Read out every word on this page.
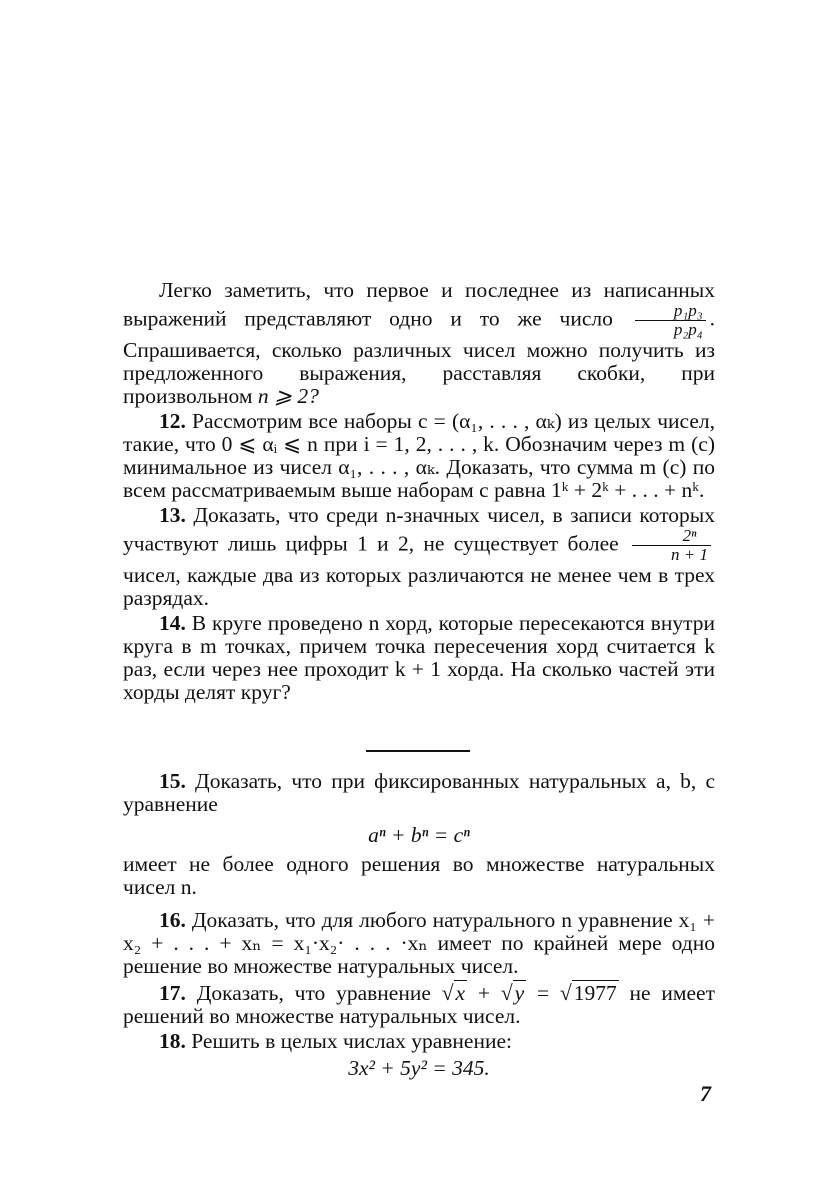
Легко заметить, что первое и последнее из написанных выражений представляют одно и то же число $\frac{\text{p₁p₃}}{\text{p₂p₄}}$ . Спрашивается, сколько различных чисел можно получить из предложенного выражения, расставляя скобки, при произвольном n ⩾ 2?

12. Рассмотрим все наборы c = (α₁, . . . , αₖ) из целых чисел, такие, что 0 ⩽ αᵢ ⩽ n при i = 1, 2, . . . , k. Обозначим через m (c) минимальное из чисел α₁, . . . , αₖ. Доказать, что сумма m (c) по всем рассматриваемым выше наборам c равна 1ᵏ + 2ᵏ + . . . + nᵏ.

13. Доказать, что среди n-значных чисел, в записи которых участвуют лишь цифры 1 и 2, не существует более $\frac{\text{2ⁿ}}{n + 1}$
чисел, каждые два из которых различаются не менее чем в трех разрядах.

14. В круге проведено n хорд, которые пересекаются внутри круга в m точках, причем точка пересечения хорд считается k раз, если через нее проходит k + 1 хорда. На сколько частей эти хорды делят круг?

15. Доказать, что при фиксированных натуральных a, b, c уравнение

aⁿ + bⁿ = cⁿ

имеет не более одного решения во множестве натуральных чисел n.

16. Доказать, что для любого натурального n уравнение x₁ + x₂ + . . . + xₙ = x₁·x₂· . . . ·xₙ имеет по крайней мере одно решение во множестве натуральных чисел.

17. Доказать, что уравнение √x + √y = √1977 не имеет решений во множестве натуральных чисел.

18. Решить в целых числах уравнение:

3x² + 5y² = 345.
7
